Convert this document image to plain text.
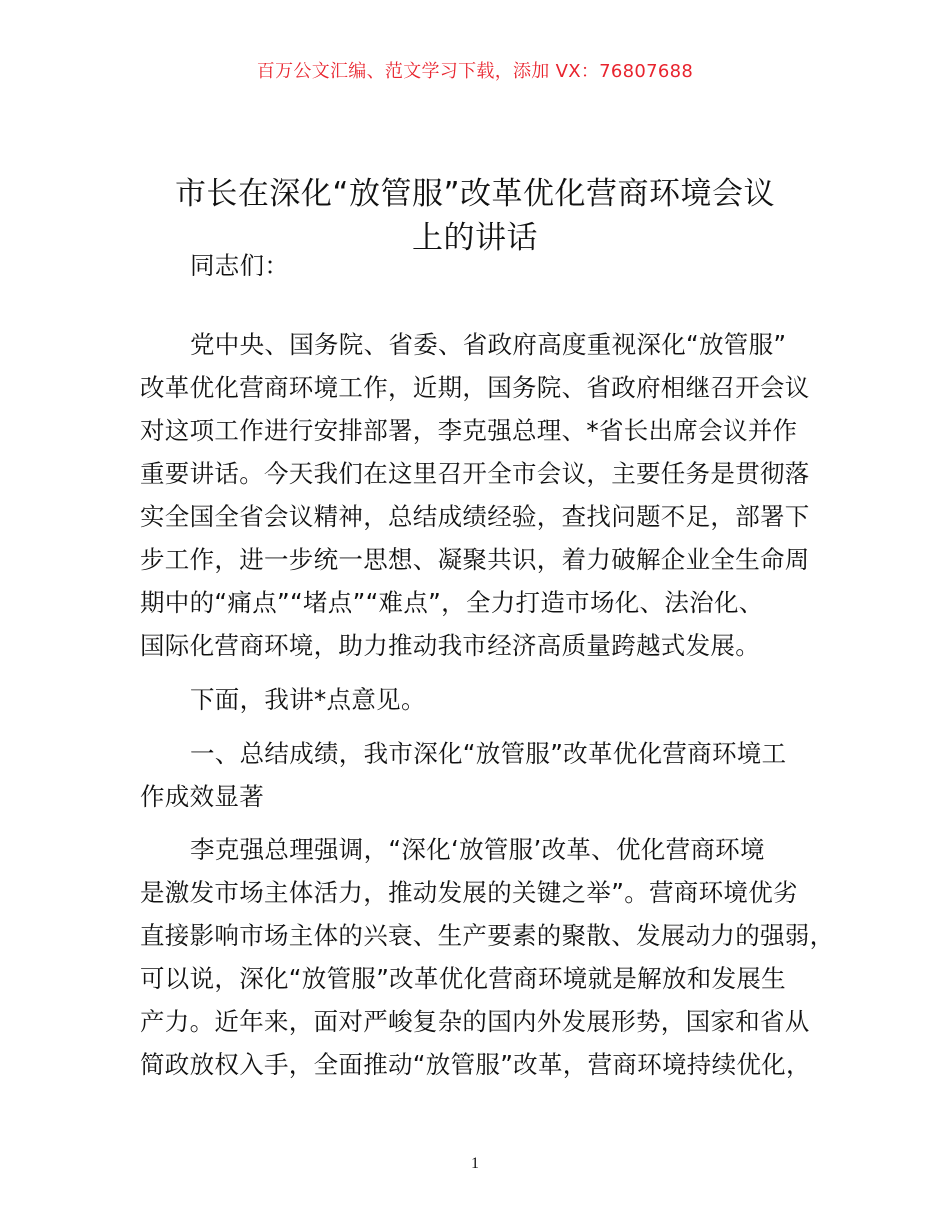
百万公文汇编、范文学习下载，添加 VX：76807688
市长在深化“放管服”改革优化营商环境会议
上的讲话
同志们：
党中央、国务院、省委、省政府高度重视深化“放管服”
改革优化营商环境工作，近期，国务院、省政府相继召开会议
对这项工作进行安排部署，李克强总理、*省长出席会议并作
重要讲话。今天我们在这里召开全市会议，主要任务是贯彻落
实全国全省会议精神，总结成绩经验，查找问题不足，部署下
步工作，进一步统一思想、凝聚共识，着力破解企业全生命周
期中的“痛点”“堵点”“难点”，全力打造市场化、法治化、
国际化营商环境，助力推动我市经济高质量跨越式发展。
下面，我讲*点意见。
一、总结成绩，我市深化“放管服”改革优化营商环境工
作成效显著
李克强总理强调，“深化‘放管服’改革、优化营商环境
是激发市场主体活力，推动发展的关键之举”。营商环境优劣
直接影响市场主体的兴衰、生产要素的聚散、发展动力的强弱，
可以说，深化“放管服”改革优化营商环境就是解放和发展生
产力。近年来，面对严峻复杂的国内外发展形势，国家和省从
简政放权入手，全面推动“放管服”改革，营商环境持续优化，
1
